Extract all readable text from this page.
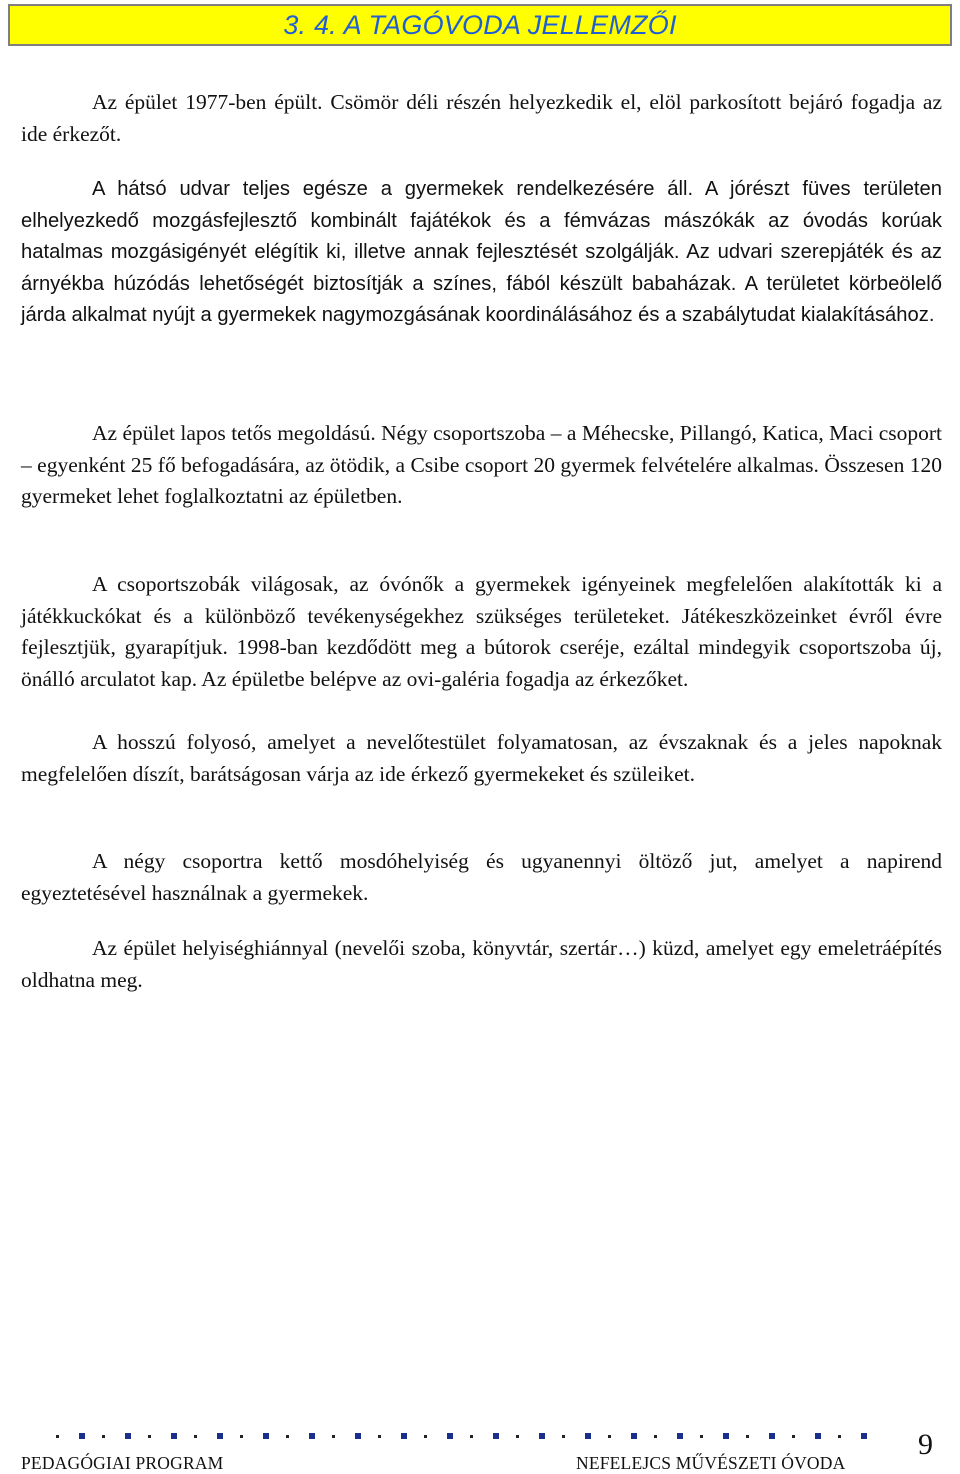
3. 4. A TAGÓVODA JELLEMZŐI

Az épület 1977-ben épült. Csömör déli részén helyezkedik el, elöl parkosított bejáró fogadja az ide érkezőt.

A hátsó udvar teljes egésze a gyermekek rendelkezésére áll. A jórészt füves területen elhelyezkedő mozgásfejlesztő kombinált fajátékok és a fémvázas mászókák az óvodás korúak hatalmas mozgásigényét elégítik ki, illetve annak fejlesztését szolgálják. Az udvari szerepjáték és az árnyékba húzódás lehetőségét biztosítják a színes, fából készült babaházak. A területet körbeölelő járda alkalmat nyújt a gyermekek nagymozgásának koordinálásához és a szabálytudat kialakításához.

Az épület lapos tetős megoldású. Négy csoportszoba – a Méhecske, Pillangó, Katica, Maci csoport – egyenként 25 fő befogadására, az ötödik, a Csibe csoport 20 gyermek felvételére alkalmas. Összesen 120 gyermeket lehet foglalkoztatni az épületben.

A csoportszobák világosak, az óvónők a gyermekek igényeinek megfelelően alakították ki a játékkuckókat és a különböző tevékenységekhez szükséges területeket. Játékeszközeinket évről évre fejlesztjük, gyarapítjuk. 1998-ban kezdődött meg a bútorok cseréje, ezáltal mindegyik csoportszoba új, önálló arculatot kap. Az épületbe belépve az ovi-galéria fogadja az érkezőket.

A hosszú folyosó, amelyet a nevelőtestület folyamatosan, az évszaknak és a jeles napoknak megfelelően díszít, barátságosan várja az ide érkező gyermekeket és szüleiket.

A négy csoportra kettő mosdóhelyiség és ugyanennyi öltöző jut, amelyet a napirend egyeztetésével használnak a gyermekek.

Az épület helyiséghiánnyal (nevelői szoba, könyvtár, szertár…) küzd, amelyet egy emeletráépítés oldhatna meg.

9
PEDAGÓGIAI PROGRAM	NEFELEJCS MŰVÉSZETI ÓVODA
